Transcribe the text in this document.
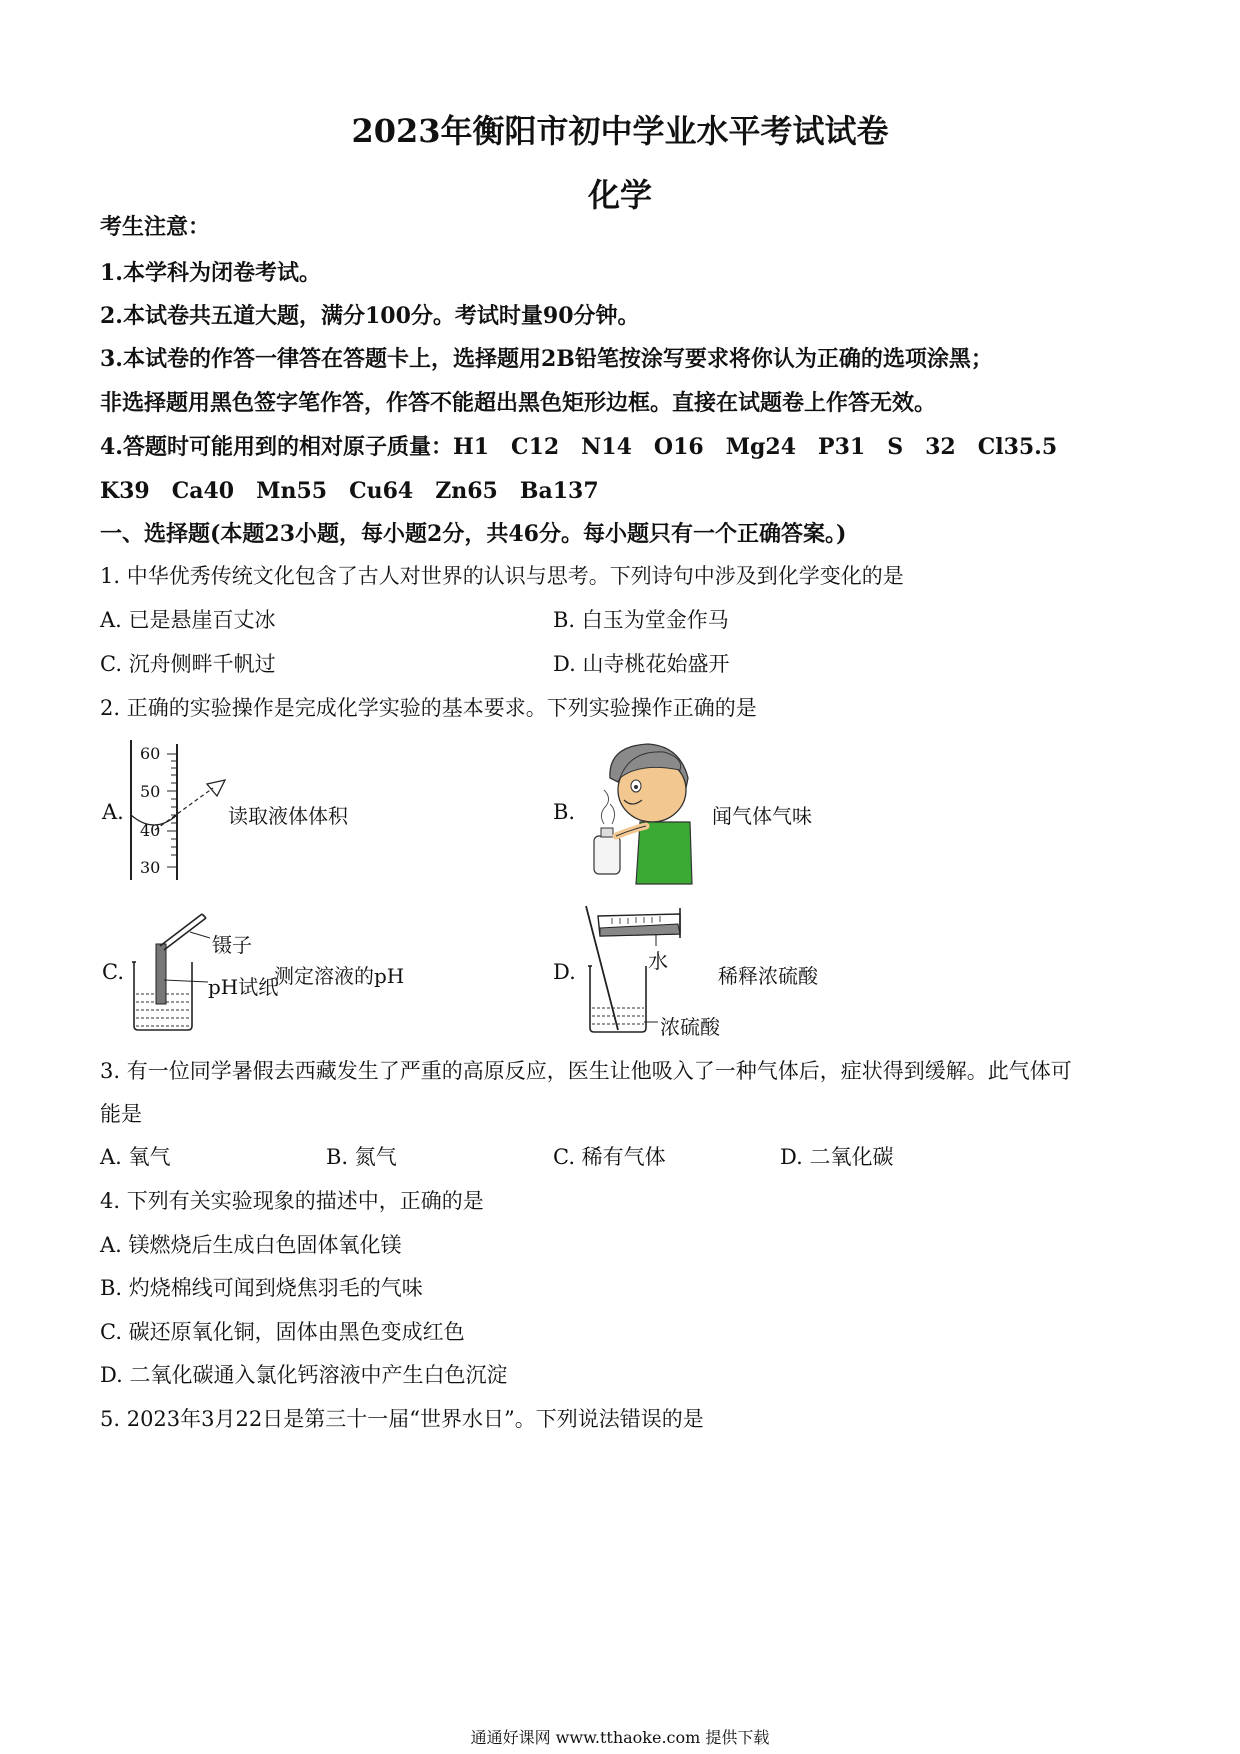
2023年衡阳市初中学业水平考试试卷
化学
考生注意：
1.本学科为闭卷考试。
2.本试卷共五道大题，满分100分。考试时量90分钟。
3.本试卷的作答一律答在答题卡上，选择题用2B铅笔按涂写要求将你认为正确的选项涂黑；
非选择题用黑色签字笔作答，作答不能超出黑色矩形边框。直接在试题卷上作答无效。
4.答题时可能用到的相对原子质量：H1　C12　N14　O16　Mg24　P31　S　32　Cl35.5
K39　Ca40　Mn55　Cu64　Zn65　Ba137
一、选择题(本题23小题，每小题2分，共46分。每小题只有一个正确答案。)
1. 中华优秀传统文化包含了古人对世界的认识与思考。下列诗句中涉及到化学变化的是
A. 已是悬崖百丈冰	B. 白玉为堂金作马
C. 沉舟侧畔千帆过	D. 山寺桃花始盛开
2. 正确的实验操作是完成化学实验的基本要求。下列实验操作正确的是
A.
60
50
40
30
读取液体体积	B.	闻气体气味
C.
镊子
pH试纸
测定溶液的pH	D.	水
稀释浓硫酸
浓硫酸
3. 有一位同学暑假去西藏发生了严重的高原反应，医生让他吸入了一种气体后，症状得到缓解。此气体可
能是
A. 氧气	B. 氮气	C. 稀有气体	D. 二氧化碳
4. 下列有关实验现象的描述中，正确的是
A. 镁燃烧后生成白色固体氧化镁
B. 灼烧棉线可闻到烧焦羽毛的气味
C. 碳还原氧化铜，固体由黑色变成红色
D. 二氧化碳通入氯化钙溶液中产生白色沉淀
5. 2023年3月22日是第三十一届“世界水日”。下列说法错误的是
通通好课网 www.tthaoke.com 提供下载
